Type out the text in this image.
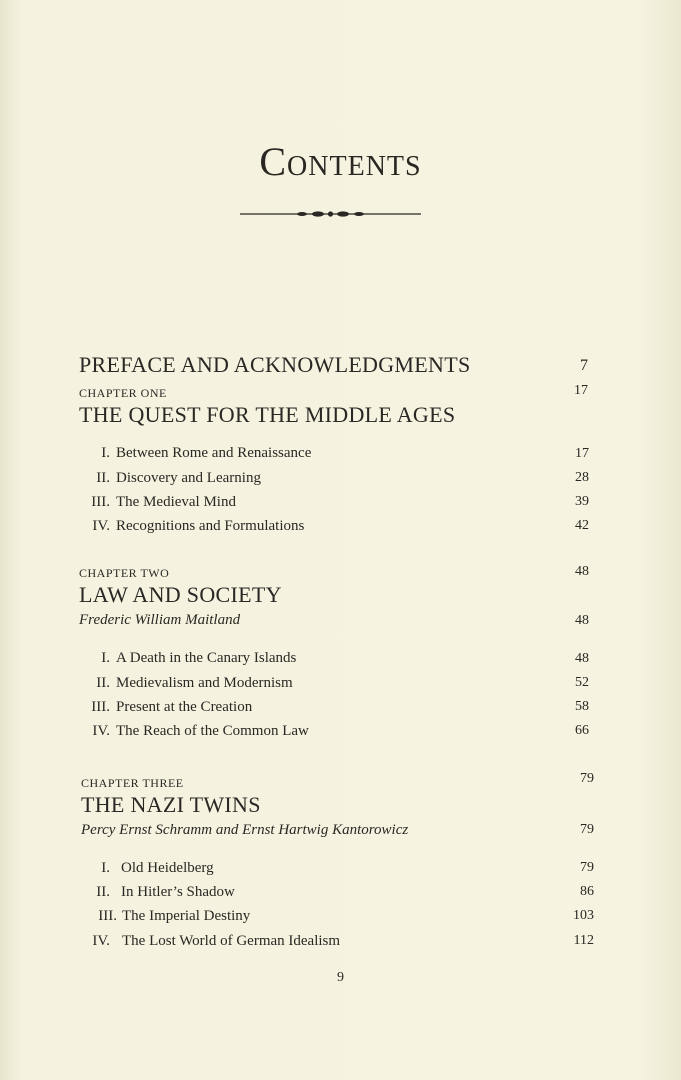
Contents
PREFACE AND ACKNOWLEDGMENTS	7
CHAPTER ONE	17
THE QUEST FOR THE MIDDLE AGES
I. Between Rome and Renaissance	17
II. Discovery and Learning	28
III. The Medieval Mind	39
IV. Recognitions and Formulations	42
CHAPTER TWO	48
LAW AND SOCIETY
Frederic William Maitland	48
I. A Death in the Canary Islands	48
II. Medievalism and Modernism	52
III. Present at the Creation	58
IV. The Reach of the Common Law	66
CHAPTER THREE	79
THE NAZI TWINS
Percy Ernst Schramm and Ernst Hartwig Kantorowicz	79
I. Old Heidelberg	79
II. In Hitler’s Shadow	86
III. The Imperial Destiny	103
IV. The Lost World of German Idealism	112
9
